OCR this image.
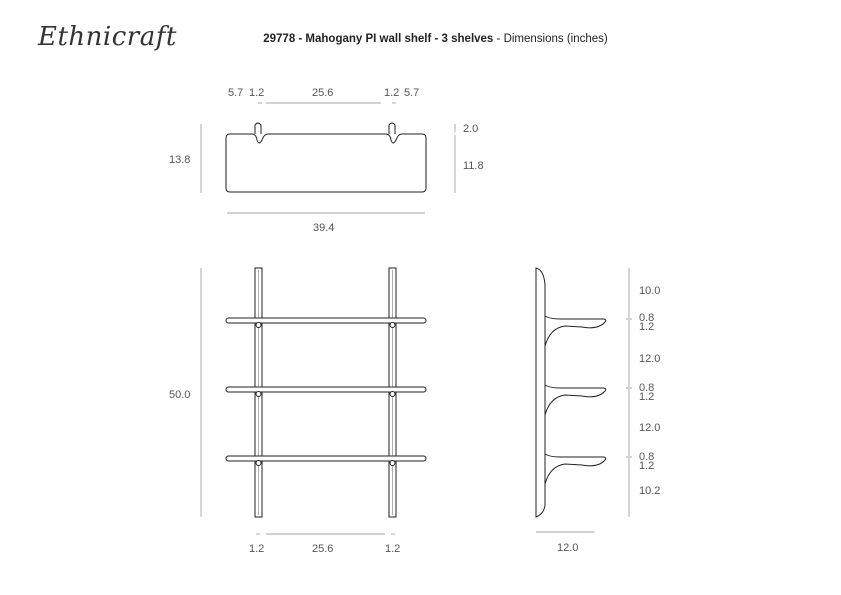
Ethnicraft	29778 - Mahogany PI wall shelf - 3 shelves - Dimensions (inches)
5.7 1.2	25.6	1.2 5.7
13.8
2.0
11.8
39.4
50.0
1.2	25.6	1.2
10.0
0.8
1.2
12.0
0.8
1.2
12.0
0.8
1.2
10.2
12.0
